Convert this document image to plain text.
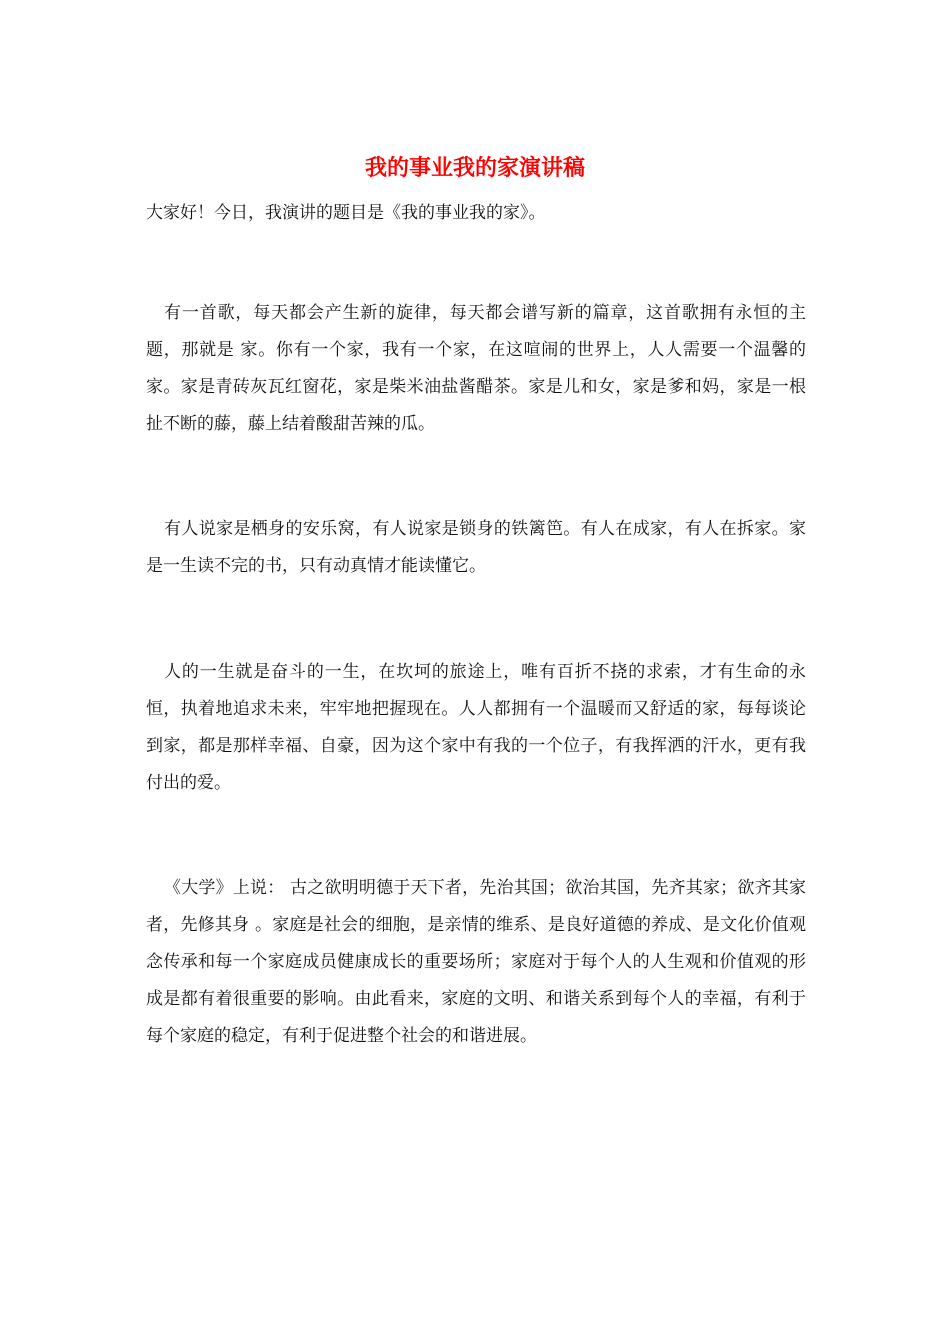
我的事业我的家演讲稿

大家好！今日，我演讲的题目是《我的事业我的家》。

有一首歌，每天都会产生新的旋律，每天都会谱写新的篇章，这首歌拥有永恒的主题，那就是 家。你有一个家，我有一个家，在这喧闹的世界上，人人需要一个温馨的家。家是青砖灰瓦红窗花，家是柴米油盐酱醋茶。家是儿和女，家是爹和妈，家是一根扯不断的藤，藤上结着酸甜苦辣的瓜。

有人说家是栖身的安乐窝，有人说家是锁身的铁篱笆。有人在成家，有人在拆家。家是一生读不完的书，只有动真情才能读懂它。

人的一生就是奋斗的一生，在坎坷的旅途上，唯有百折不挠的求索，才有生命的永恒，执着地追求未来，牢牢地把握现在。人人都拥有一个温暖而又舒适的家，每每谈论到家，都是那样幸福、自豪，因为这个家中有我的一个位子，有我挥洒的汗水，更有我付出的爱。

《大学》上说： 古之欲明明德于天下者，先治其国；欲治其国，先齐其家；欲齐其家者，先修其身 。家庭是社会的细胞，是亲情的维系、是良好道德的养成、是文化价值观念传承和每一个家庭成员健康成长的重要场所；家庭对于每个人的人生观和价值观的形成是都有着很重要的影响。由此看来，家庭的文明、和谐关系到每个人的幸福，有利于每个家庭的稳定，有利于促进整个社会的和谐进展。
